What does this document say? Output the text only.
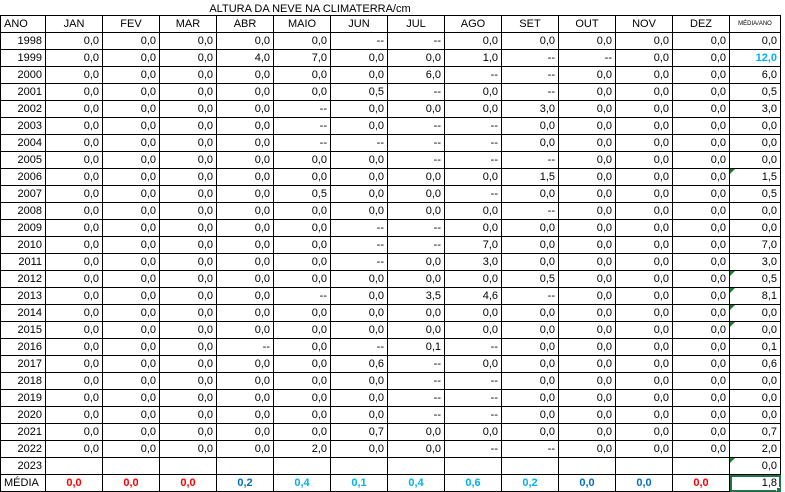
ALTURA DA NEVE NA CLIMATERRA/cm
ANO	JAN	FEV	MAR	ABR	MAIO	JUN	JUL	AGO	SET	OUT	NOV	DEZ	MÉDIA/ANO
1998	0,0	0,0	0,0	0,0	0,0	--	--	0,0	0,0	0,0	0,0	0,0	0,0
1999	0,0	0,0	0,0	4,0	7,0	0,0	0,0	1,0	--	--	0,0	0,0	12,0
2000	0,0	0,0	0,0	0,0	0,0	0,0	6,0	--	--	0,0	0,0	0,0	6,0
2001	0,0	0,0	0,0	0,0	0,0	0,5	--	0,0	--	0,0	0,0	0,0	0,5
2002	0,0	0,0	0,0	0,0	--	0,0	0,0	0,0	3,0	0,0	0,0	0,0	3,0
2003	0,0	0,0	0,0	0,0	--	0,0	--	--	0,0	0,0	0,0	0,0	0,0
2004	0,0	0,0	0,0	0,0	--	--	--	--	0,0	0,0	0,0	0,0	0,0
2005	0,0	0,0	0,0	0,0	0,0	0,0	--	--	--	0,0	0,0	0,0	0,0
2006	0,0	0,0	0,0	0,0	0,0	0,0	0,0	0,0	1,5	0,0	0,0	0,0	1,5
2007	0,0	0,0	0,0	0,0	0,5	0,0	0,0	--	0,0	0,0	0,0	0,0	0,5
2008	0,0	0,0	0,0	0,0	0,0	0,0	0,0	0,0	--	0,0	0,0	0,0	0,0
2009	0,0	0,0	0,0	0,0	0,0	--	--	0,0	0,0	0,0	0,0	0,0	0,0
2010	0,0	0,0	0,0	0,0	0,0	--	--	7,0	0,0	0,0	0,0	0,0	7,0
2011	0,0	0,0	0,0	0,0	0,0	--	0,0	3,0	0,0	0,0	0,0	0,0	3,0
2012	0,0	0,0	0,0	0,0	0,0	0,0	0,0	0,0	0,5	0,0	0,0	0,0	0,5
2013	0,0	0,0	0,0	0,0	--	0,0	3,5	4,6	--	0,0	0,0	0,0	8,1
2014	0,0	0,0	0,0	0,0	0,0	0,0	0,0	0,0	0,0	0,0	0,0	0,0	0,0
2015	0,0	0,0	0,0	0,0	0,0	0,0	0,0	0,0	0,0	0,0	0,0	0,0	0,0
2016	0,0	0,0	0,0	--	0,0	--	0,1	--	0,0	0,0	0,0	0,0	0,1
2017	0,0	0,0	0,0	0,0	0,0	0,6	--	0,0	0,0	0,0	0,0	0,0	0,6
2018	0,0	0,0	0,0	0,0	0,0	0,0	--	--	0,0	0,0	0,0	0,0	0,0
2019	0,0	0,0	0,0	0,0	0,0	0,0	--	--	0,0	0,0	0,0	0,0	0,0
2020	0,0	0,0	0,0	0,0	0,0	0,0	--	--	0,0	0,0	0,0	0,0	0,0
2021	0,0	0,0	0,0	0,0	0,0	0,7	0,0	0,0	0,0	0,0	0,0	0,0	0,7
2022	0,0	0,0	0,0	0,0	2,0	0,0	0,0	--	--	0,0	0,0	0,0	2,0
2023													0,0
MÉDIA	0,0	0,0	0,0	0,2	0,4	0,1	0,4	0,6	0,2	0,0	0,0	0,0	1,8
